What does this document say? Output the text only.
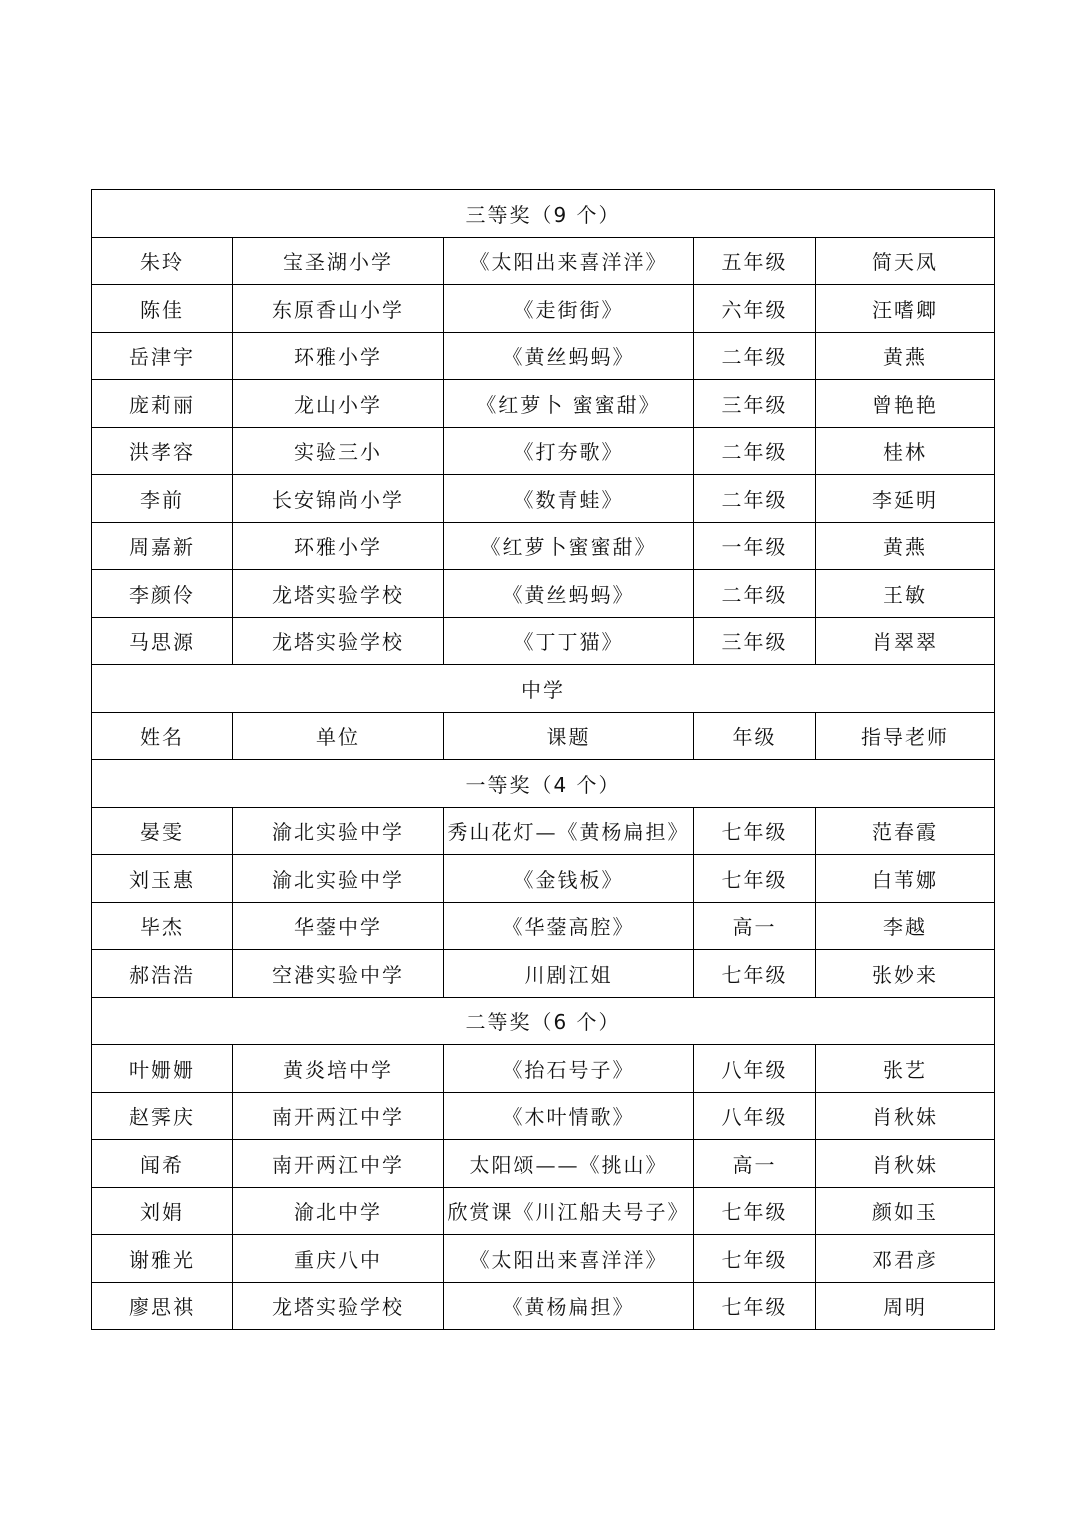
三等奖（9 个）				
朱玲	宝圣湖小学	《太阳出来喜洋洋》	五年级	简天凤
陈佳	东原香山小学	《走街街》	六年级	汪嗜卿
岳津宇	环雅小学	《黄丝蚂蚂》	二年级	黄燕
庞莉丽	龙山小学	《红萝卜 蜜蜜甜》	三年级	曾艳艳
洪孝容	实验三小	《打夯歌》	二年级	桂林
李前	长安锦尚小学	《数青蛙》	二年级	李延明
周嘉新	环雅小学	《红萝卜蜜蜜甜》	一年级	黄燕
李颜伶	龙塔实验学校	《黄丝蚂蚂》	二年级	王敏
马思源	龙塔实验学校	《丁丁猫》	三年级	肖翠翠
中学				
姓名	单位	课题	年级	指导老师
一等奖（4 个）				
晏雯	渝北实验中学	秀山花灯—《黄杨扁担》	七年级	范春霞
刘玉惠	渝北实验中学	《金钱板》	七年级	白苇娜
毕杰	华蓥中学	《华蓥高腔》	高一	李越
郝浩浩	空港实验中学	川剧江姐	七年级	张妙来
二等奖（6 个）				
叶姗姗	黄炎培中学	《抬石号子》	八年级	张艺
赵霁庆	南开两江中学	《木叶情歌》	八年级	肖秋妹
闻希	南开两江中学	太阳颂——《挑山》	高一	肖秋妹
刘娟	渝北中学	欣赏课《川江船夫号子》	七年级	颜如玉
谢雅光	重庆八中	《太阳出来喜洋洋》	七年级	邓君彦
廖思祺	龙塔实验学校	《黄杨扁担》	七年级	周明
